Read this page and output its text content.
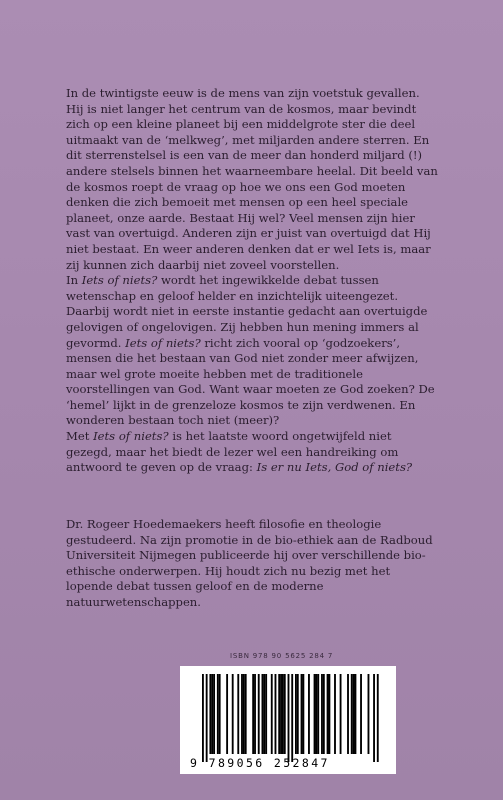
In de twintigste eeuw is de mens van zijn voetstuk gevallen. Hij is niet langer het centrum van de kosmos, maar bevindt zich op een kleine planeet bij een middelgrote ster die deel uitmaakt van de ‘melkweg’, met miljarden andere sterren. En dit sterrenstelsel is een van de meer dan honderd miljard (!) andere stelsels binnen het waarneembare heelal. Dit beeld van de kosmos roept de vraag op hoe we ons een God moeten denken die zich bemoeit met mensen op een heel speciale planeet, onze aarde. Bestaat Hij wel? Veel mensen zijn hier vast van overtuigd. Anderen zijn er juist van overtuigd dat Hij niet bestaat. En weer anderen denken dat er wel Iets is, maar zij kunnen zich daarbij niet zoveel voorstellen.

In Iets of niets? wordt het ingewikkelde debat tussen wetenschap en geloof helder en inzichtelijk uiteengezet. Daarbij wordt niet in eerste instantie gedacht aan overtuigde gelovigen of ongelovigen. Zij hebben hun mening immers al gevormd. Iets of niets? richt zich vooral op ‘godzoekers’, mensen die het bestaan van God niet zonder meer afwijzen, maar wel grote moeite hebben met de traditionele voorstellingen van God. Want waar moeten ze God zoeken? De ‘hemel’ lijkt in de grenzeloze kosmos te zijn verdwenen. En wonderen bestaan toch niet (meer)?

Met Iets of niets? is het laatste woord ongetwijfeld niet gezegd, maar het biedt de lezer wel een handreiking om antwoord te geven op de vraag: Is er nu Iets, God of niets?

Dr. Rogeer Hoedemaekers heeft filosofie en theologie gestudeerd. Na zijn promotie in de bio-ethiek aan de Radboud Universiteit Nijmegen publiceerde hij over verschillende bio-ethische onderwerpen. Hij houdt zich nu bezig met het lopende debat tussen geloof en de moderne natuurwetenschappen.

ISBN 978 90 5625 284 7
9 789056 252847
